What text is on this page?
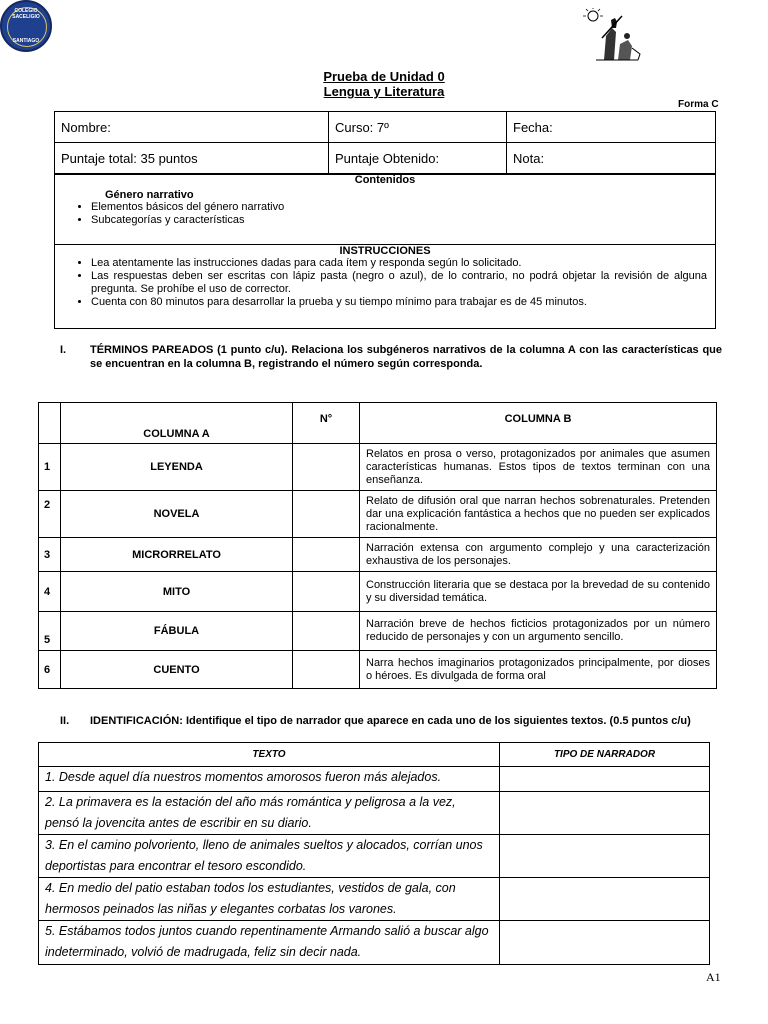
COLEGIO SACELIGIO
SANTIAGO
Prueba de Unidad 0
Lengua y Literatura
Forma C
Nombre:	Curso: 7º	Fecha:
Puntaje total: 35 puntos	Puntaje Obtenido:	Nota:
Contenidos
Género narrativo
• Elementos básicos del género narrativo
• Subcategorías y características
INSTRUCCIONES
• Lea atentamente las instrucciones dadas para cada ítem y responda según lo solicitado.
• Las respuestas deben ser escritas con lápiz pasta (negro o azul), de lo contrario, no podrá objetar la revisión de alguna pregunta. Se prohíbe el uso de corrector.
• Cuenta con 80 minutos para desarrollar la prueba y su tiempo mínimo para trabajar es de 45 minutos.
I.	TÉRMINOS PAREADOS (1 punto c/u). Relaciona los subgéneros narrativos de la columna A con las características que se encuentran en la columna B, registrando el número según corresponda.
	COLUMNA A	N°	COLUMNA B
1	LEYENDA		Relatos en prosa o verso, protagonizados por animales que asumen características humanas. Estos tipos de textos terminan con una enseñanza.
2	NOVELA		Relato de difusión oral que narran hechos sobrenaturales. Pretenden dar una explicación fantástica a hechos que no pueden ser explicados racionalmente.
3	MICRORRELATO		Narración extensa con argumento complejo y una caracterización exhaustiva de los personajes.
4	MITO		Construcción literaria que se destaca por la brevedad de su contenido y su diversidad temática.
5	FÁBULA		Narración breve de hechos ficticios protagonizados por un número reducido de personajes y con un argumento sencillo.
6	CUENTO		Narra hechos imaginarios protagonizados principalmente, por dioses o héroes. Es divulgada de forma oral
II.	IDENTIFICACIÓN: Identifique el tipo de narrador que aparece en cada uno de los siguientes textos. (0.5 puntos c/u)
TEXTO	TIPO DE NARRADOR
1. Desde aquel día nuestros momentos amorosos fueron más alejados.	
2. La primavera es la estación del año más romántica y peligrosa a la vez, pensó la jovencita antes de escribir en su diario.	
3. En el camino polvoriento, lleno de animales sueltos y alocados, corrían unos deportistas para encontrar el tesoro escondido.	
4. En medio del patio estaban todos los estudiantes, vestidos de gala, con hermosos peinados las niñas y elegantes corbatas los varones.	
5. Estábamos todos juntos cuando repentinamente Armando salió a buscar algo indeterminado, volvió de madrugada, feliz sin decir nada.	
A1
